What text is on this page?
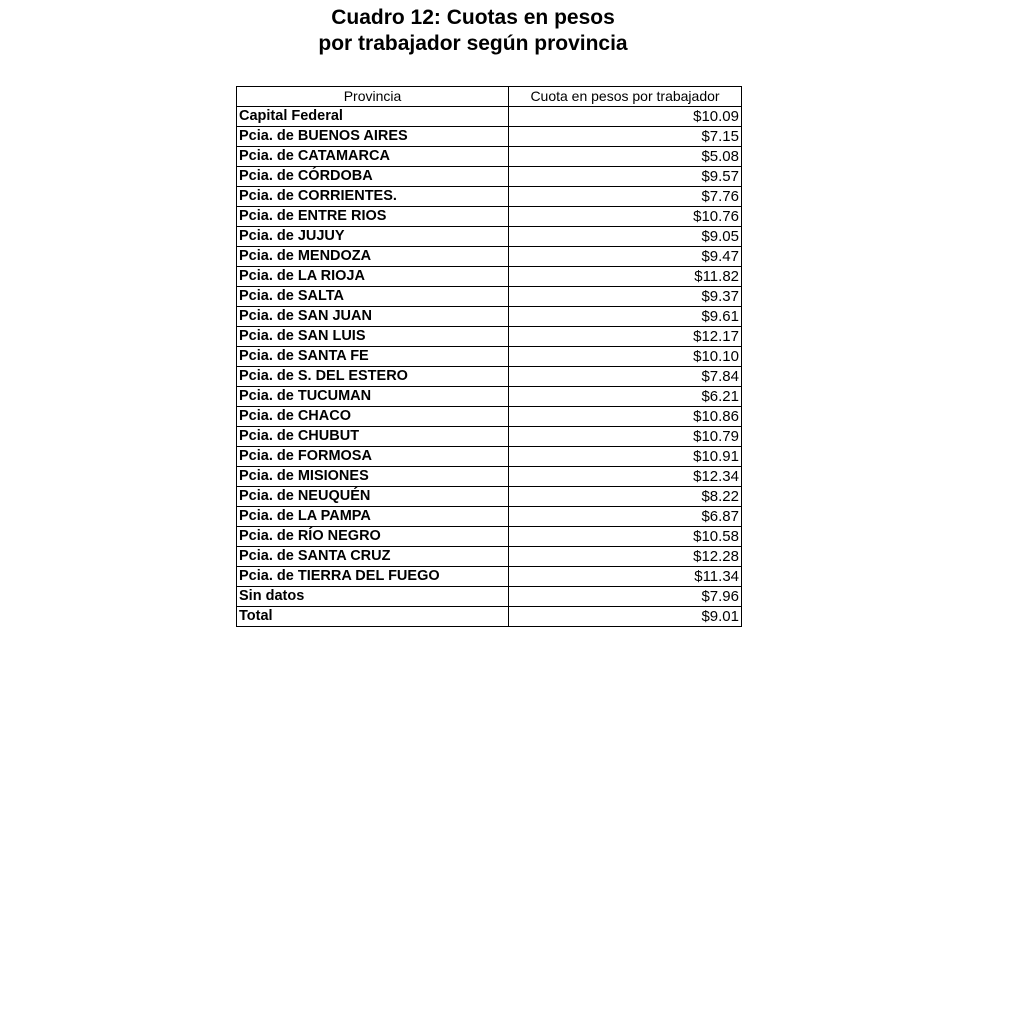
Cuadro 12: Cuotas en pesos
por trabajador según provincia
Provincia	Cuota en pesos por trabajador
Capital Federal	$10.09
Pcia. de BUENOS AIRES	$7.15
Pcia. de CATAMARCA	$5.08
Pcia. de CÓRDOBA	$9.57
Pcia. de CORRIENTES.	$7.76
Pcia. de ENTRE RIOS	$10.76
Pcia. de JUJUY	$9.05
Pcia. de MENDOZA	$9.47
Pcia. de LA RIOJA	$11.82
Pcia. de SALTA	$9.37
Pcia. de SAN JUAN	$9.61
Pcia. de SAN LUIS	$12.17
Pcia. de SANTA FE	$10.10
Pcia. de S. DEL ESTERO	$7.84
Pcia. de TUCUMAN	$6.21
Pcia. de CHACO	$10.86
Pcia. de CHUBUT	$10.79
Pcia. de FORMOSA	$10.91
Pcia. de MISIONES	$12.34
Pcia. de NEUQUÉN	$8.22
Pcia. de LA PAMPA	$6.87
Pcia. de RÍO NEGRO	$10.58
Pcia. de SANTA CRUZ	$12.28
Pcia. de TIERRA DEL FUEGO	$11.34
Sin datos	$7.96
Total	$9.01
